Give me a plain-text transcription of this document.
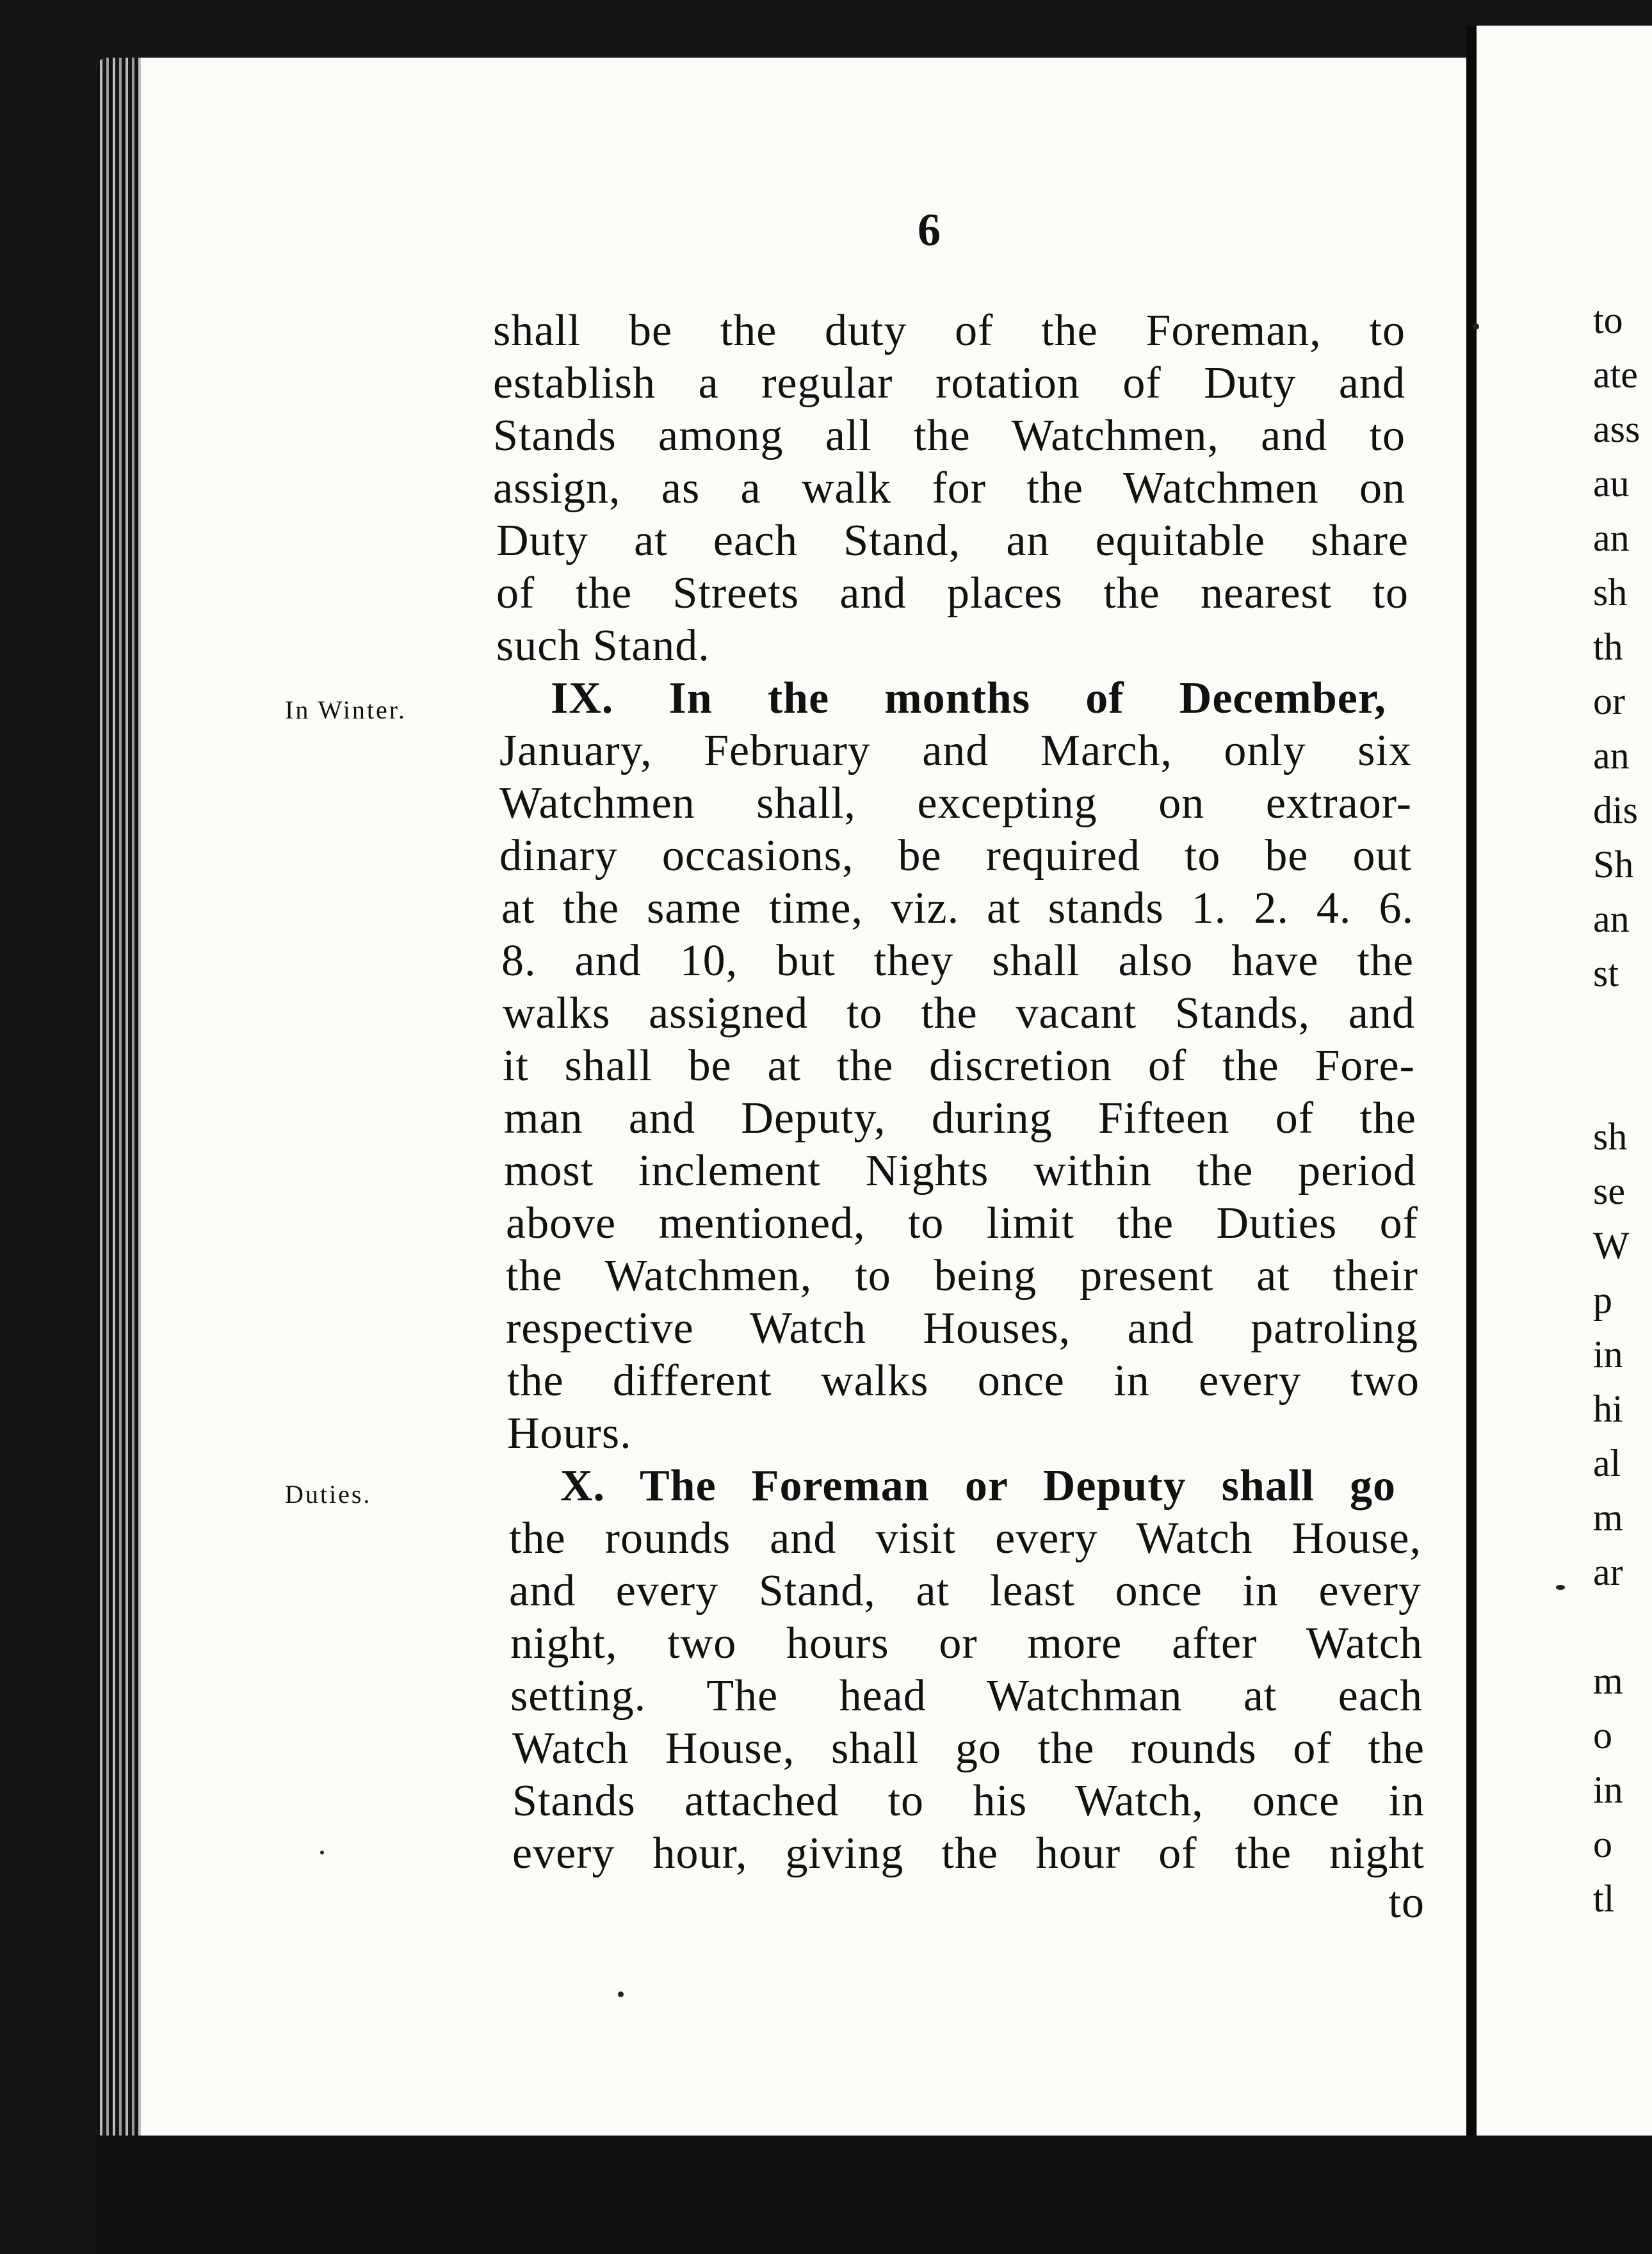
6
In Winter.
Duties.
shall be the duty of the Foreman, to
establish a regular rotation of Duty and
Stands among all the Watchmen, and to
assign, as a walk for the Watchmen on
Duty at each Stand, an equitable share
of the Streets and places the nearest to
such Stand.
IX. In the months of December,
January, February and March, only six
Watchmen shall, excepting on extraor-
dinary occasions, be required to be out
at the same time, viz. at stands 1. 2. 4. 6.
8. and 10, but they shall also have the
walks assigned to the vacant Stands, and
it shall be at the discretion of the Fore-
man and Deputy, during Fifteen of the
most inclement Nights within the period
above mentioned, to limit the Duties of
the Watchmen, to being present at their
respective Watch Houses, and patroling
the different walks once in every two
Hours.
X. The Foreman or Deputy shall go
the rounds and visit every Watch House,
and every Stand, at least once in every
night, two hours or more after Watch
setting. The head Watchman at each
Watch House, shall go the rounds of the
Stands attached to his Watch, once in
every hour, giving the hour of the night
to
to
ate
ass
au
an
sh
th
or
an
dis
Sh
an
st

sh
se
W
p
in
hi
al
m
ar

m
o
in
o
tl
